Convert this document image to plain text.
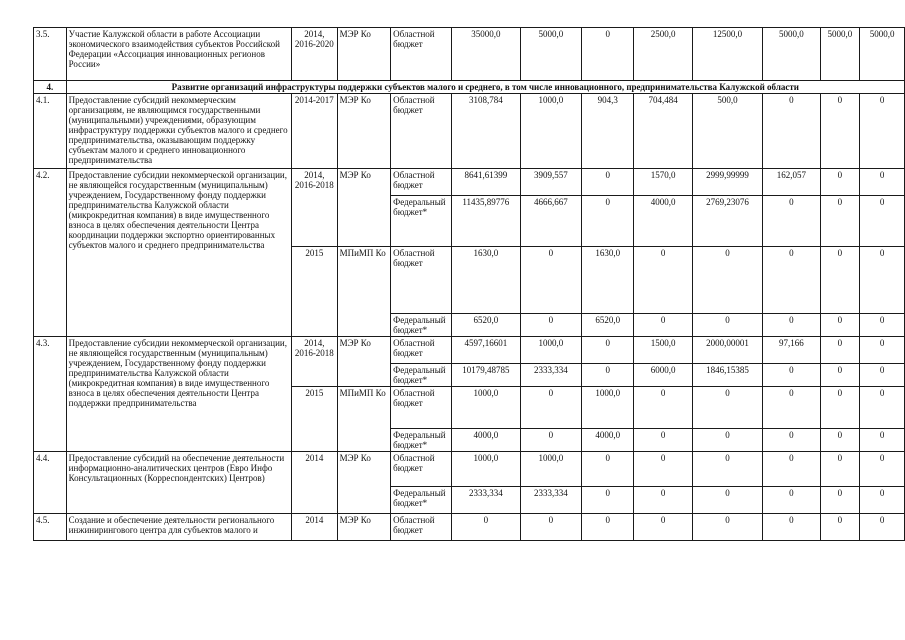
3.5.	Участие Калужской области в работе Ассоциации экономического взаимодействия субъектов Российской Федерации «Ассоциация инновационных регионов России»	2014, 2016-2020	МЭР Ко	Областной бюджет	35000,0	5000,0	0	2500,0	12500,0	5000,0	5000,0	5000,0
4.	Развитие организаций инфраструктуры поддержки субъектов малого и среднего, в том числе инновационного, предпринимательства Калужской области											
4.1.	Предоставление субсидий некоммерческим организациям, не являющимся государственными (муниципальными) учреждениями, образующим инфраструктуру поддержки субъектов малого и среднего предпринимательства, оказывающим поддержку субъектам малого и среднего инновационного предпринимательства	2014-2017	МЭР Ко	Областной бюджет	3108,784	1000,0	904,3	704,484	500,0	0	0	0
4.2.	Предоставление субсидии некоммерческой организации, не являющейся государственным (муниципальным) учреждением, Государственному фонду поддержки предпринимательства Калужской области (микрокредитная компания) в виде имущественного взноса в целях обеспечения деятельности Центра координации поддержки экспортно ориентированных субъектов малого и среднего предпринимательства	2014, 2016-2018	МЭР Ко	Областной бюджет	8641,61399	3909,557	0	1570,0	2999,99999	162,057	0	0
				Федеральный бюджет*	11435,89776	4666,667	0	4000,0	2769,23076	0	0	0
		2015	МПиМП Ко	Областной бюджет	1630,0	0	1630,0	0	0	0	0	0
				Федеральный бюджет*	6520,0	0	6520,0	0	0	0	0	0
4.3.	Предоставление субсидии некоммерческой организации, не являющейся государственным (муниципальным) учреждением, Государственному фонду поддержки предпринимательства Калужской области (микрокредитная компания) в виде имущественного взноса в целях обеспечения деятельности Центра поддержки предпринимательства	2014, 2016-2018	МЭР Ко	Областной бюджет	4597,16601	1000,0	0	1500,0	2000,00001	97,166	0	0
				Федеральный бюджет*	10179,48785	2333,334	0	6000,0	1846,15385	0	0	0
		2015	МПиМП Ко	Областной бюджет	1000,0	0	1000,0	0	0	0	0	0
				Федеральный бюджет*	4000,0	0	4000,0	0	0	0	0	0
4.4.	Предоставление субсидий на обеспечение деятельности информационно-аналитических центров (Евро Инфо Консультационных (Корреспондентских) Центров)	2014	МЭР Ко	Областной бюджет	1000,0	1000,0	0	0	0	0	0	0
				Федеральный бюджет*	2333,334	2333,334	0	0	0	0	0	0
4.5.	Создание и обеспечение деятельности регионального инжинирингового центра для субъектов малого и	2014	МЭР Ко	Областной бюджет	0	0	0	0	0	0	0	0
